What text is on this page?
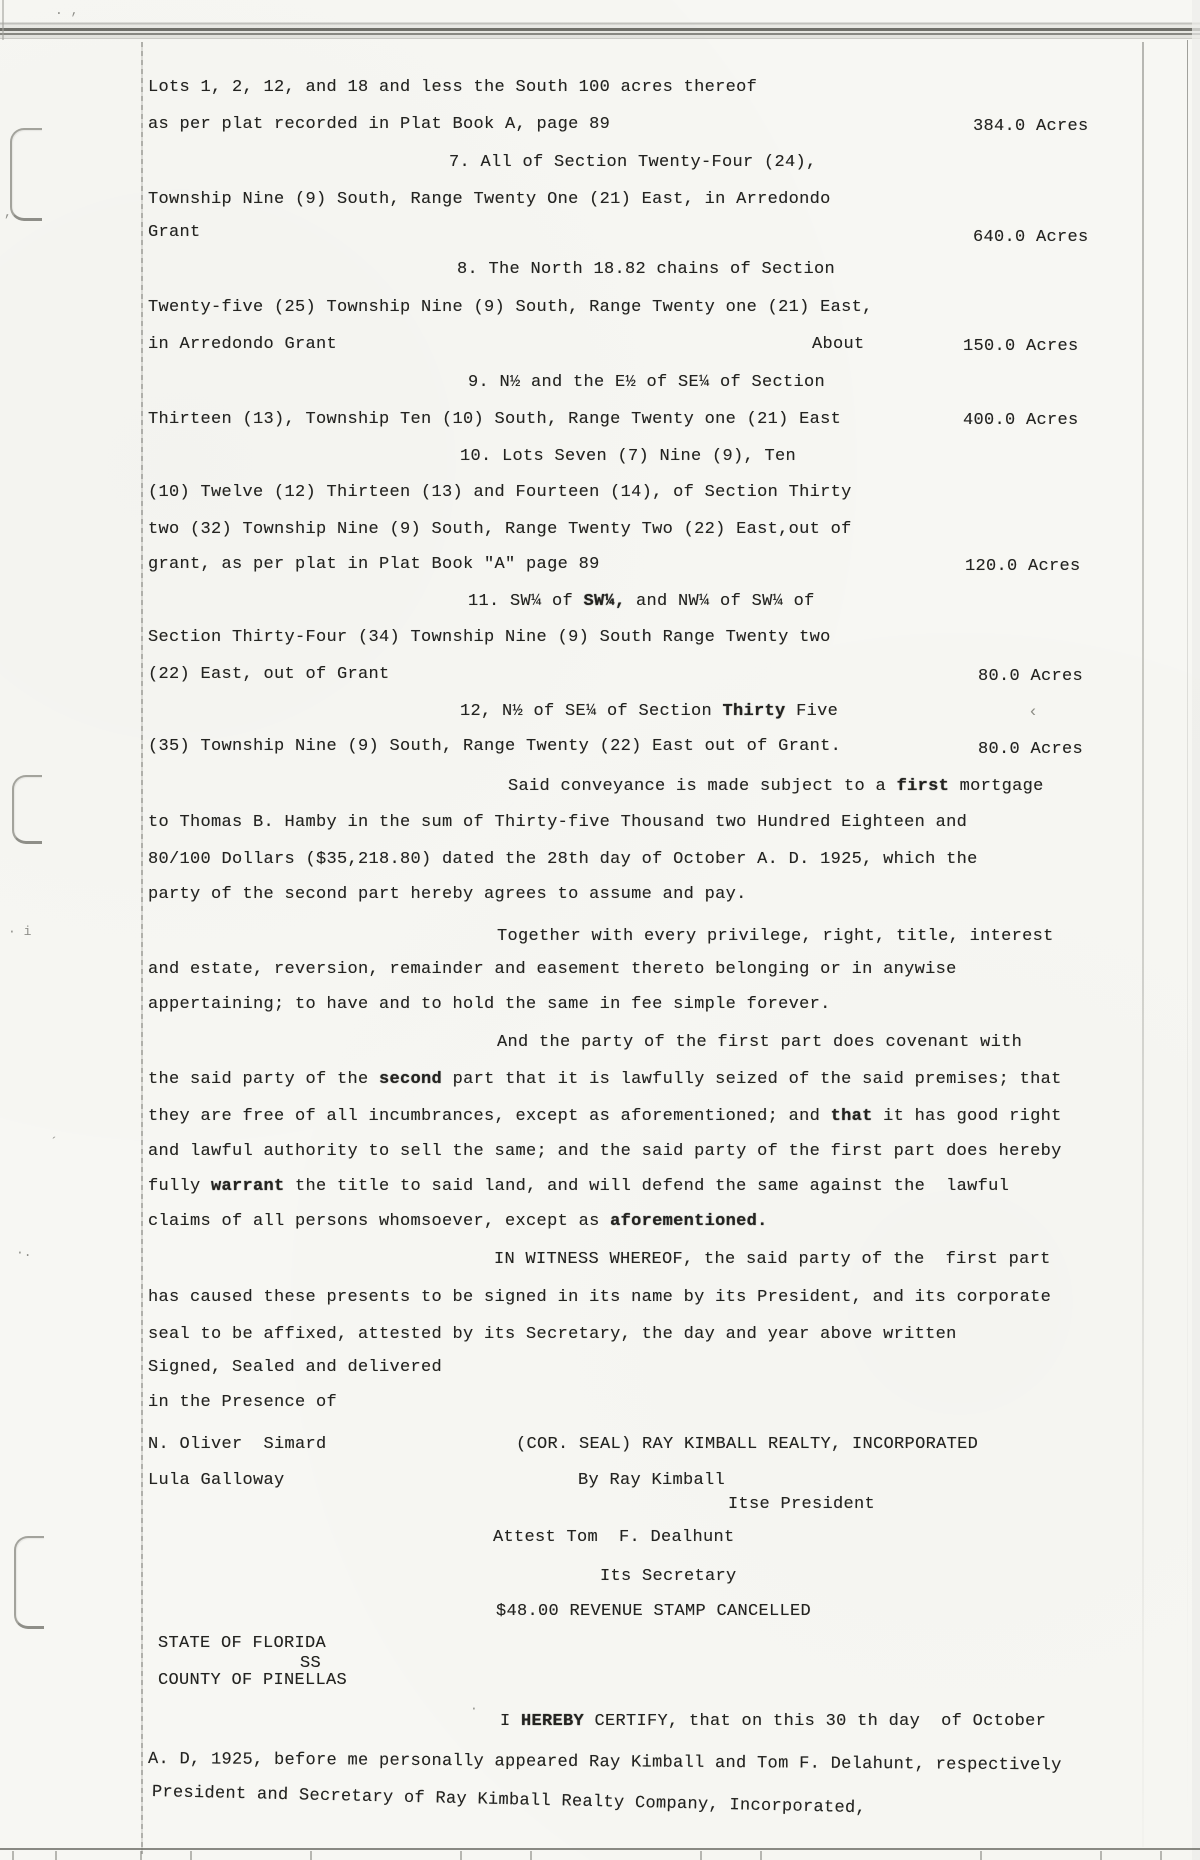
Lots 1, 2, 12, and 18 and less the South 100 acres thereof
as per plat recorded in Plat Book A, page 89	384.0 Acres
7. All of Section Twenty-Four (24),
Township Nine (9) South, Range Twenty One (21) East, in Arredondo
Grant	640.0 Acres
8. The North 18.82 chains of Section
Twenty-five (25) Township Nine (9) South, Range Twenty one (21) East,
in Arredondo Grant	About	150.0 Acres
9. N½ and the E½ of SE¼ of Section
Thirteen (13), Township Ten (10) South, Range Twenty one (21) East	400.0 Acres
10. Lots Seven (7) Nine (9), Ten
(10) Twelve (12) Thirteen (13) and Fourteen (14), of Section Thirty
two (32) Township Nine (9) South, Range Twenty Two (22) East,out of
grant, as per plat in Plat Book "A" page 89	120.0 Acres
11. SW¼ of SW¼, and NW¼ of SW¼ of
Section Thirty-Four (34) Township Nine (9) South Range Twenty two
(22) East, out of Grant	80.0 Acres
12, N½ of SE¼ of Section Thirty Five	‹
(35) Township Nine (9) South, Range Twenty (22) East out of Grant.	80.0 Acres
Said conveyance is made subject to a first mortgage
to Thomas B. Hamby in the sum of Thirty-five Thousand two Hundred Eighteen and
80/100 Dollars ($35,218.80) dated the 28th day of October A. D. 1925, which the
party of the second part hereby agrees to assume and pay.
Together with every privilege, right, title, interest
and estate, reversion, remainder and easement thereto belonging or in anywise
appertaining; to have and to hold the same in fee simple forever.
And the party of the first part does covenant with
the said party of the second part that it is lawfully seized of the said premises; that
they are free of all incumbrances, except as aforementioned; and that it has good right
and lawful authority to sell the same; and the said party of the first part does hereby
fully warrant the title to said land, and will defend the same against the  lawful
claims of all persons whomsoever, except as aforementioned.
IN WITNESS WHEREOF, the said party of the  first part
has caused these presents to be signed in its name by its President, and its corporate
seal to be affixed, attested by its Secretary, the day and year above written
Signed, Sealed and delivered
in the Presence of
N. Oliver  Simard	(COR. SEAL) RAY KIMBALL REALTY, INCORPORATED
Lula Galloway	By Ray Kimball
Itse President
Attest Tom  F. Dealhunt
Its Secretary
$48.00 REVENUE STAMP CANCELLED
STATE OF FLORIDA
SS
COUNTY OF PINELLAS
I HEREBY CERTIFY, that on this 30 th day  of October
A. D, 1925, before me personally appeared Ray Kimball and Tom F. Delahunt, respectively
President and Secretary of Ray Kimball Realty Company, Incorporated,
. ,
,
· i
´
·.
·
